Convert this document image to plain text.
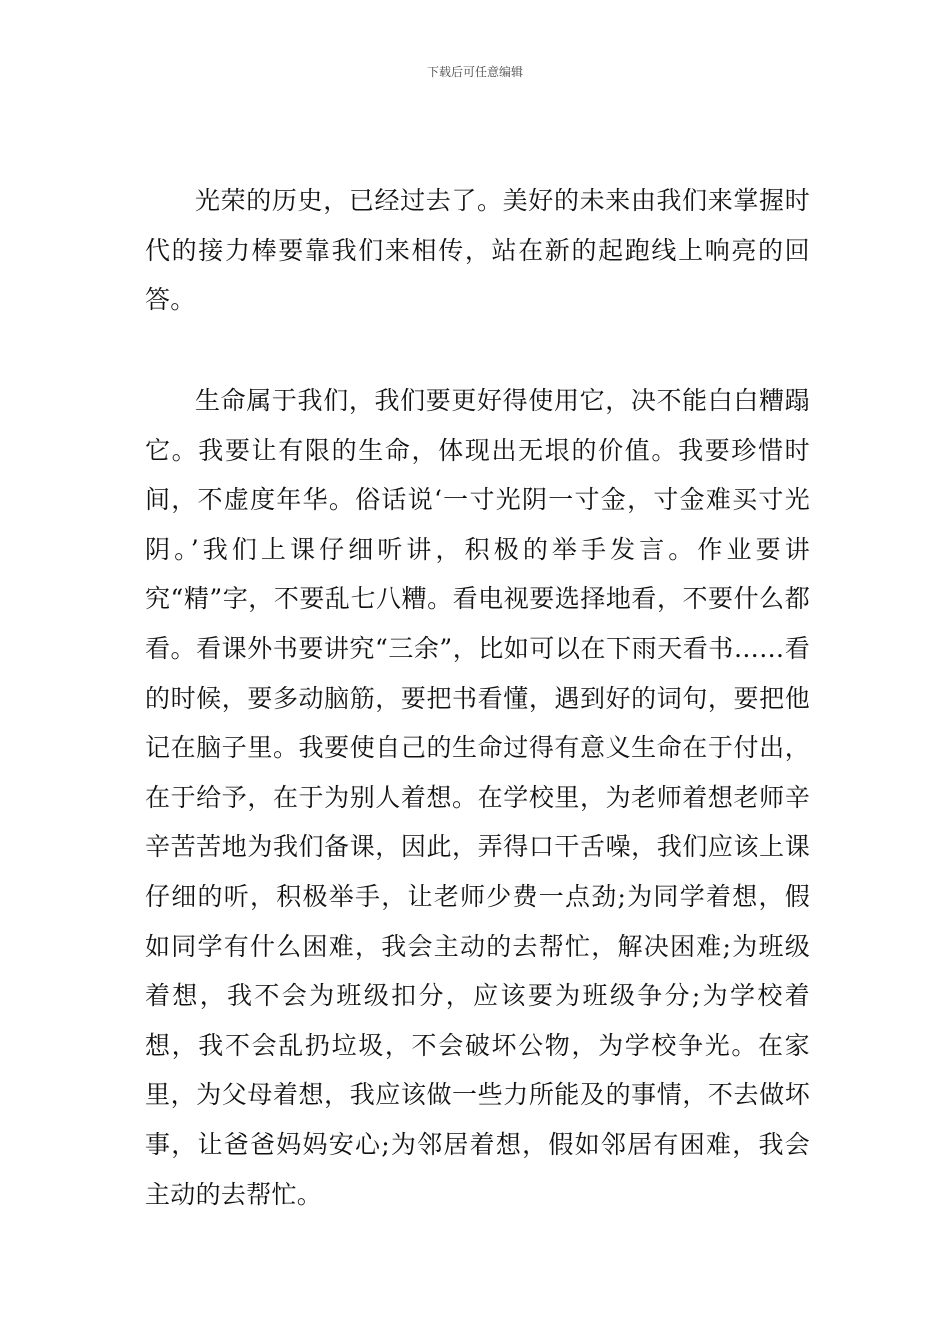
下载后可任意编辑

光荣的历史，已经过去了。美好的未来由我们来掌握时代的接力棒要靠我们来相传，站在新的起跑线上响亮的回答。

生命属于我们，我们要更好得使用它，决不能白白糟蹋它。我要让有限的生命，体现出无垠的价值。我要珍惜时间，不虚度年华。俗话说‘一寸光阴一寸金，寸金难买寸光阴。’我们上课仔细听讲，积极的举手发言。作业要讲究“精”字，不要乱七八糟。看电视要选择地看，不要什么都看。看课外书要讲究“三余”，比如可以在下雨天看书……看的时候，要多动脑筋，要把书看懂，遇到好的词句，要把他记在脑子里。我要使自己的生命过得有意义生命在于付出，在于给予，在于为别人着想。在学校里，为老师着想老师辛辛苦苦地为我们备课，因此，弄得口干舌噪，我们应该上课仔细的听，积极举手，让老师少费一点劲;为同学着想，假如同学有什么困难，我会主动的去帮忙，解决困难;为班级着想，我不会为班级扣分，应该要为班级争分;为学校着想，我不会乱扔垃圾，不会破坏公物，为学校争光。在家里，为父母着想，我应该做一些力所能及的事情，不去做坏事，让爸爸妈妈安心;为邻居着想，假如邻居有困难，我会主动的去帮忙。
